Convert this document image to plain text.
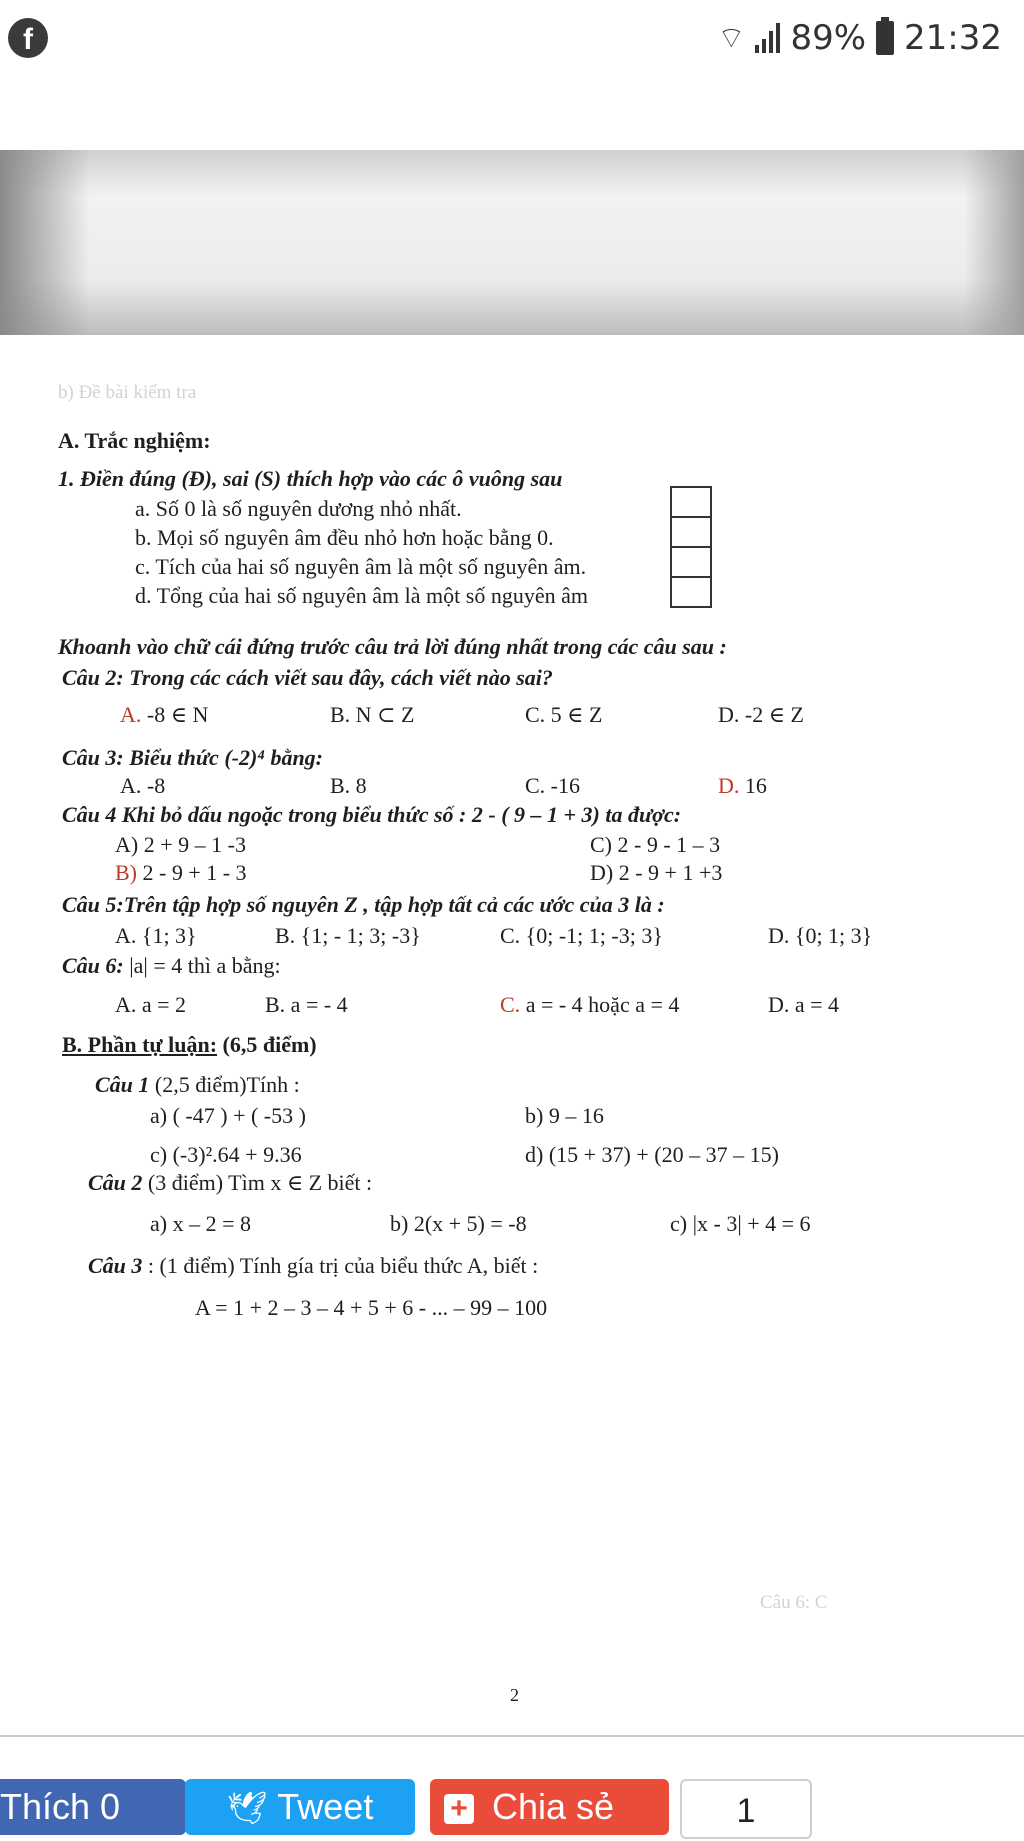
f	⌔ 89% 21:32
b) Đề bài kiểm tra
A. Trắc nghiệm:
1. Điền đúng (Đ), sai (S) thích hợp vào các ô vuông sau
a. Số 0 là số nguyên dương nhỏ nhất.
b. Mọi số nguyên âm đều nhỏ hơn hoặc bằng 0.
c. Tích của hai số nguyên âm là một số nguyên âm.
d. Tổng của hai số nguyên âm là một số nguyên âm
Khoanh vào chữ cái đứng trước câu trả lời đúng nhất trong các câu sau :
Câu 2: Trong các cách viết sau đây, cách viết nào sai?
A. -8 ∈ N	B. N ⊂ Z	C. 5 ∈ Z	D. -2 ∈ Z
Câu 3: Biểu thức (-2)⁴ bằng:
A. -8	B. 8	C. -16	D. 16
Câu 4 Khi bỏ dấu ngoặc trong biểu thức số : 2 - ( 9 – 1 + 3) ta được:
A) 2 + 9 – 1 -3	C) 2 - 9 - 1 – 3
B) 2 - 9 + 1 - 3	D) 2 - 9 + 1 +3
Câu 5:Trên tập hợp số nguyên Z , tập hợp tất cả các ước của 3 là :
A. {1; 3}	B. {1; - 1; 3; -3}	C. {0; -1; 1; -3; 3}	D. {0; 1; 3}
Câu 6: |a| = 4 thì a bằng:
A. a = 2	B. a = - 4	C. a = - 4 hoặc a = 4	D. a = 4
B. Phần tự luận: (6,5 điểm)
Câu 1 (2,5 điểm)Tính :
a) ( -47 ) + ( -53 )	b) 9 – 16
c) (-3)².64 + 9.36	d) (15 + 37) + (20 – 37 – 15)
Câu 2 (3 điểm) Tìm x ∈ Z biết :
a) x – 2 = 8	b) 2(x + 5) = -8	c) |x - 3| + 4 = 6
Câu 3 : (1 điểm) Tính gía trị của biểu thức A, biết :
A = 1 + 2 – 3 – 4 + 5 + 6 - ... – 99 – 100
Câu 6: C
2
Thích 0	🕊 Tweet	+ Chia sẻ	1
